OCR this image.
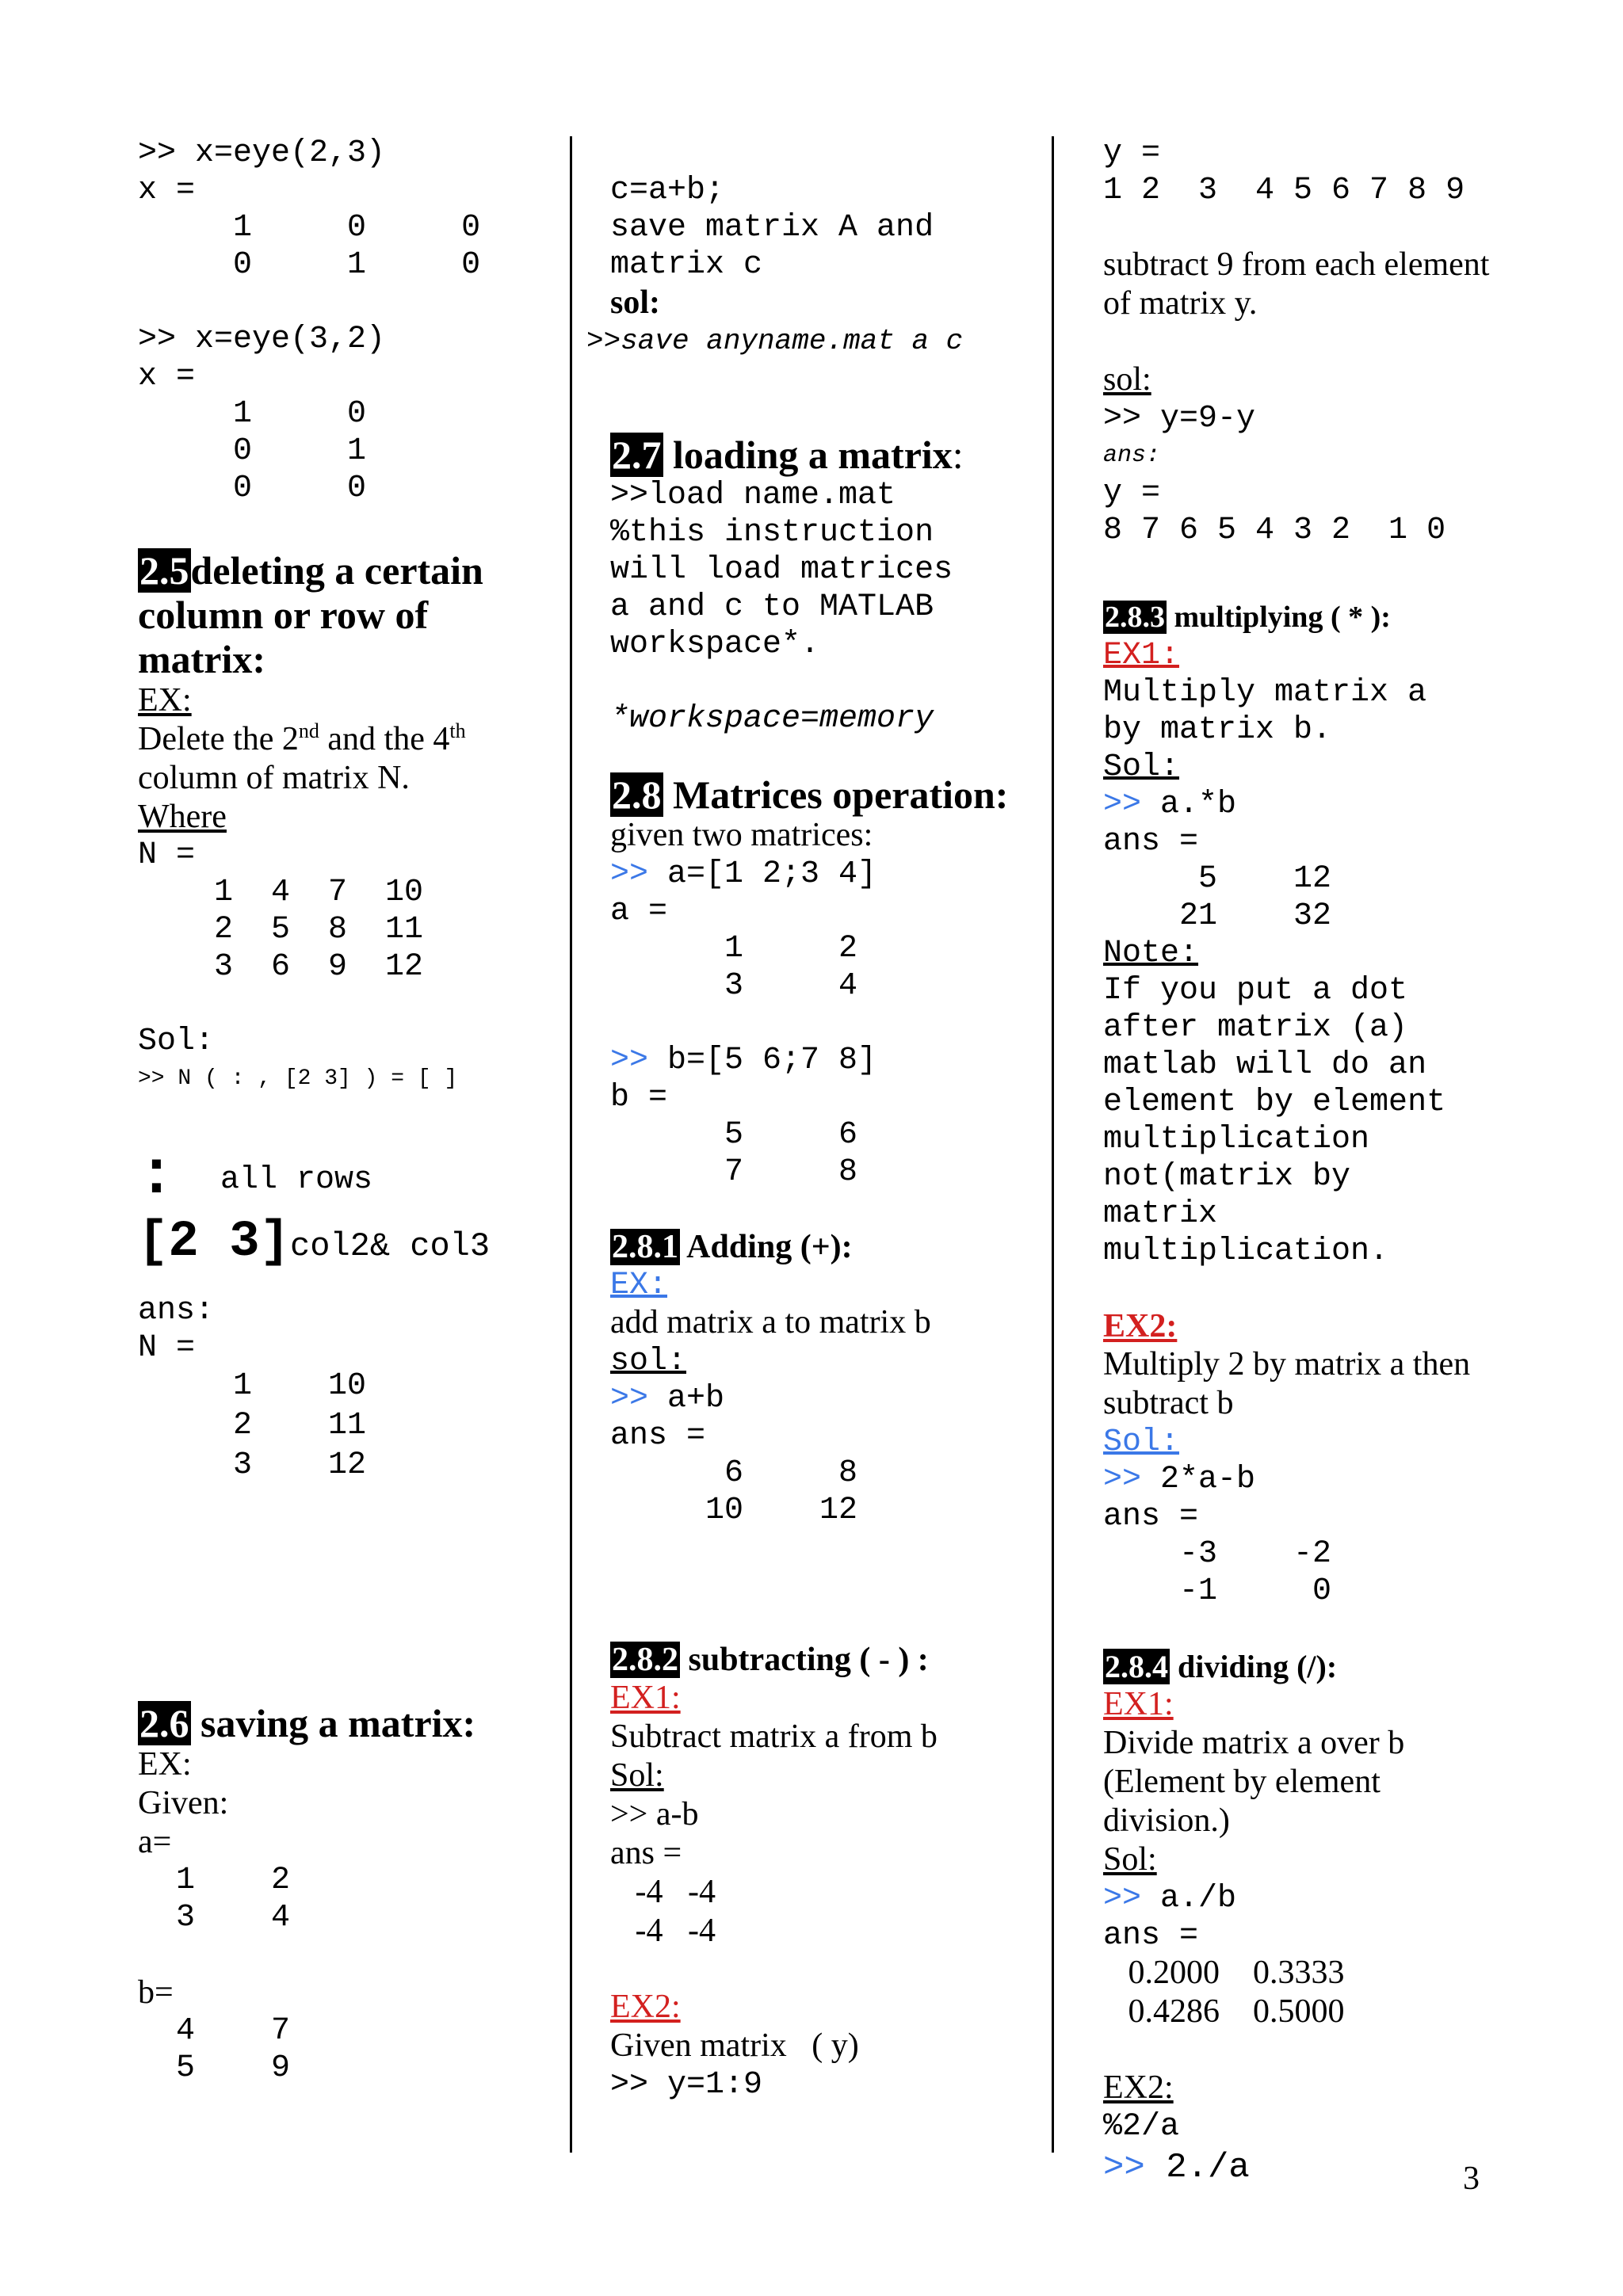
>> x=eye(2,3)
x =
1     0     0
0     1     0
>> x=eye(3,2)
x =
1     0
0     1
0     0
2.5deleting a certain
column or row of
matrix:
EX:
Delete the 2nd and the 4th
column of matrix N.
Where
N =
1  4  7  10
2  5  8  11
3  6  9  12
Sol:
>> N ( : , [2 3] ) = [ ]
: all rows
[2 3]col2& col3
ans:
N =
1    10
2    11
3    12
2.6 saving a matrix:
EX:
Given:
a=
1    2
3    4
b=
4    7
5    9
c=a+b;
save matrix A and
matrix c
sol:
>>save anyname.mat a c
2.7 loading a matrix:
>>load name.mat
%this instruction
will load matrices
a and c to MATLAB
workspace*.
*workspace=memory
2.8 Matrices operation:
given two matrices:
>> a=[1 2;3 4]
a =
1     2
3     4
>> b=[5 6;7 8]
b =
5     6
7     8
2.8.1 Adding (+):
EX:
add matrix a to matrix b
sol:
>> a+b
ans =
6     8
10    12
2.8.2 subtracting ( - ) :
EX1:
Subtract matrix a from b
Sol:
>> a-b
ans =
-4   -4
-4   -4
EX2:
Given matrix   ( y)
>> y=1:9
y =
1 2  3  4 5 6 7 8 9
subtract 9 from each element
of matrix y.
sol:
>> y=9-y
ans:
y =
8 7 6 5 4 3 2  1 0
2.8.3 multiplying ( * ):
EX1:
Multiply matrix a
by matrix b.
Sol:
>> a.*b
ans =
5    12
21    32
Note:
If you put a dot
after matrix (a)
matlab will do an
element by element
multiplication
not(matrix by
matrix
multiplication.
EX2:
Multiply 2 by matrix a then
subtract b
Sol:
>> 2*a-b
ans =
-3    -2
-1     0
2.8.4 dividing (/):
EX1:
Divide matrix a over b
(Element by element
division.)
Sol:
>> a./b
ans =
0.2000    0.3333
0.4286    0.5000
EX2:
%2/a
>> 2./a	3
